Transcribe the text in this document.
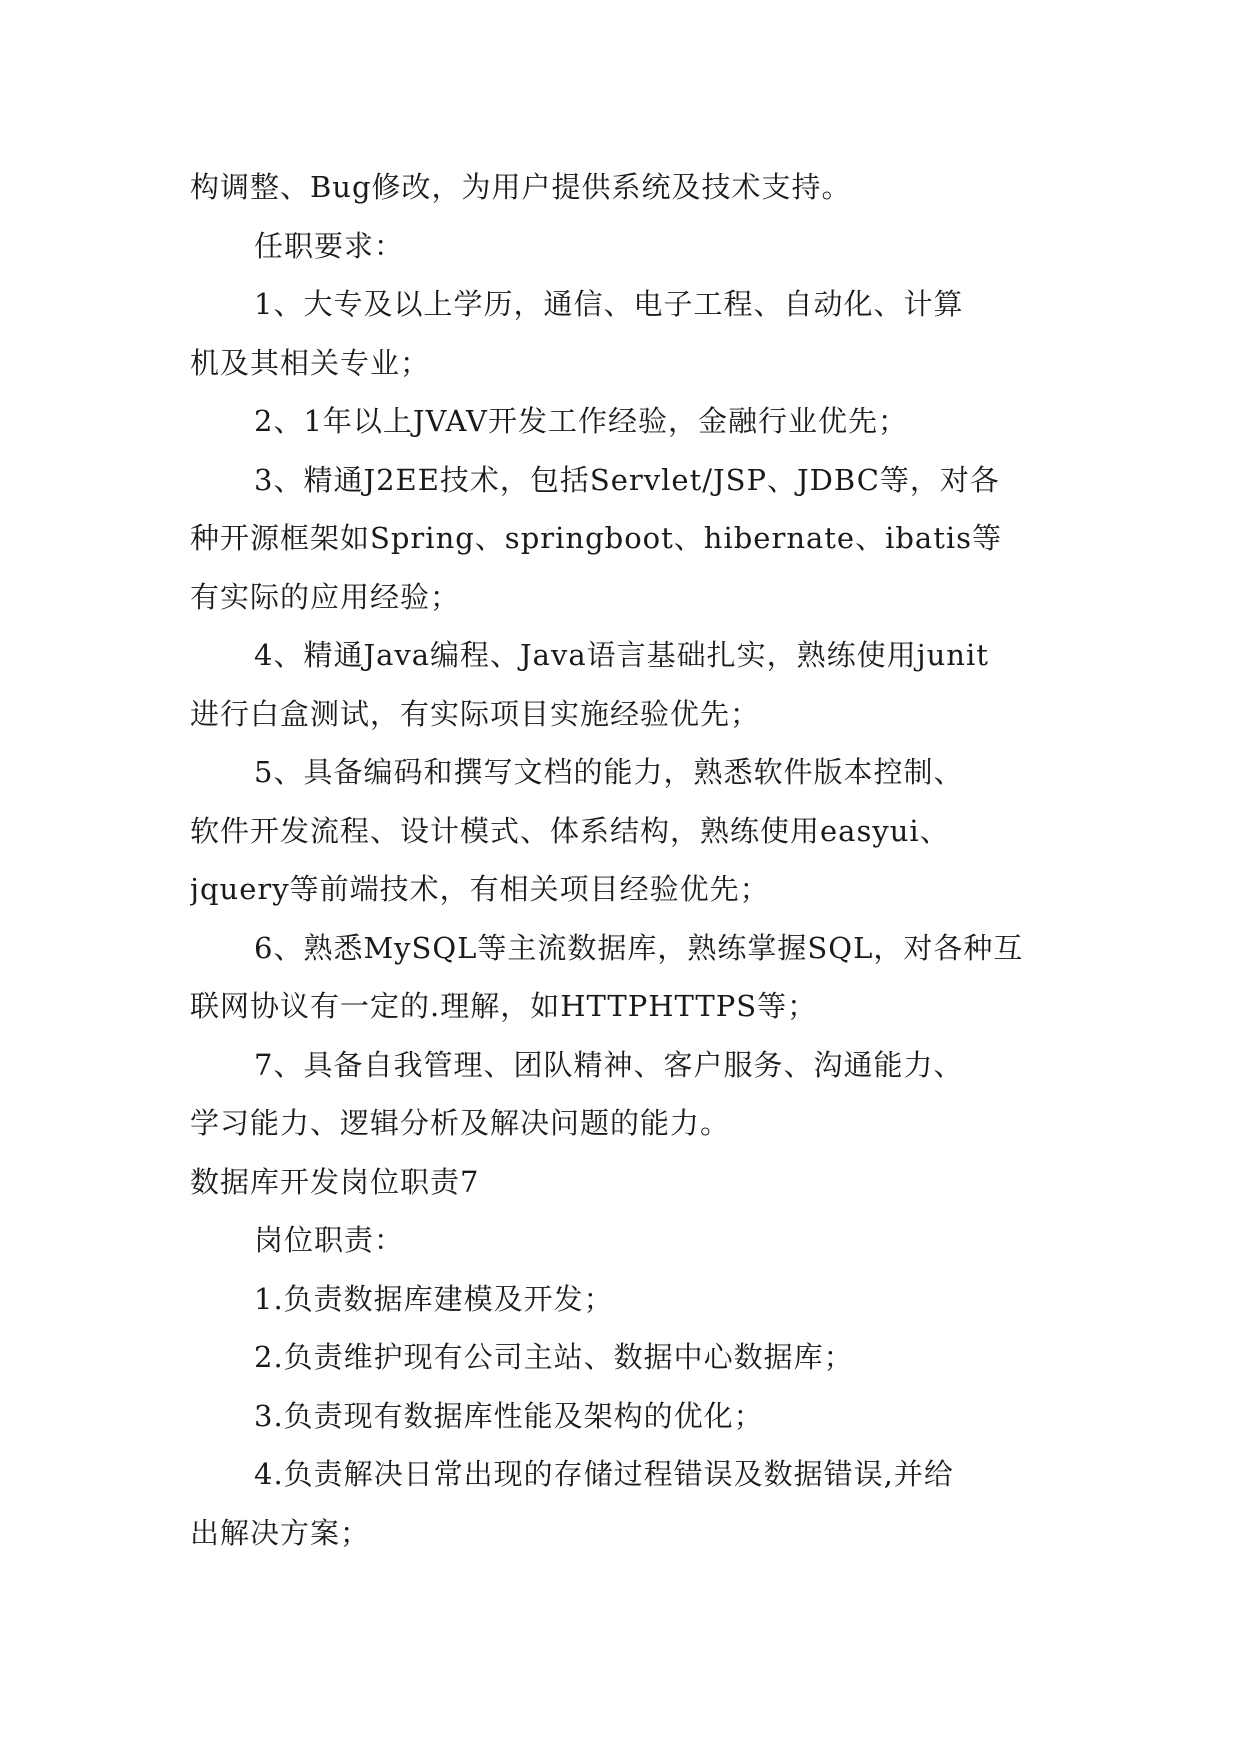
构调整、Bug修改，为用户提供系统及技术支持。
任职要求：
1、大专及以上学历，通信、电子工程、自动化、计算
机及其相关专业；
2、1年以上JVAV开发工作经验，金融行业优先；
3、精通J2EE技术，包括Servlet/JSP、JDBC等，对各
种开源框架如Spring、springboot、hibernate、ibatis等
有实际的应用经验；
4、精通Java编程、Java语言基础扎实，熟练使用junit
进行白盒测试，有实际项目实施经验优先；
5、具备编码和撰写文档的能力，熟悉软件版本控制、
软件开发流程、设计模式、体系结构，熟练使用easyui、
jquery等前端技术，有相关项目经验优先；
6、熟悉MySQL等主流数据库，熟练掌握SQL，对各种互
联网协议有一定的.理解，如HTTPHTTPS等；
7、具备自我管理、团队精神、客户服务、沟通能力、
学习能力、逻辑分析及解决问题的能力。
数据库开发岗位职责7
岗位职责：
1.负责数据库建模及开发；
2.负责维护现有公司主站、数据中心数据库；
3.负责现有数据库性能及架构的优化；
4.负责解决日常出现的存储过程错误及数据错误,并给
出解决方案；
